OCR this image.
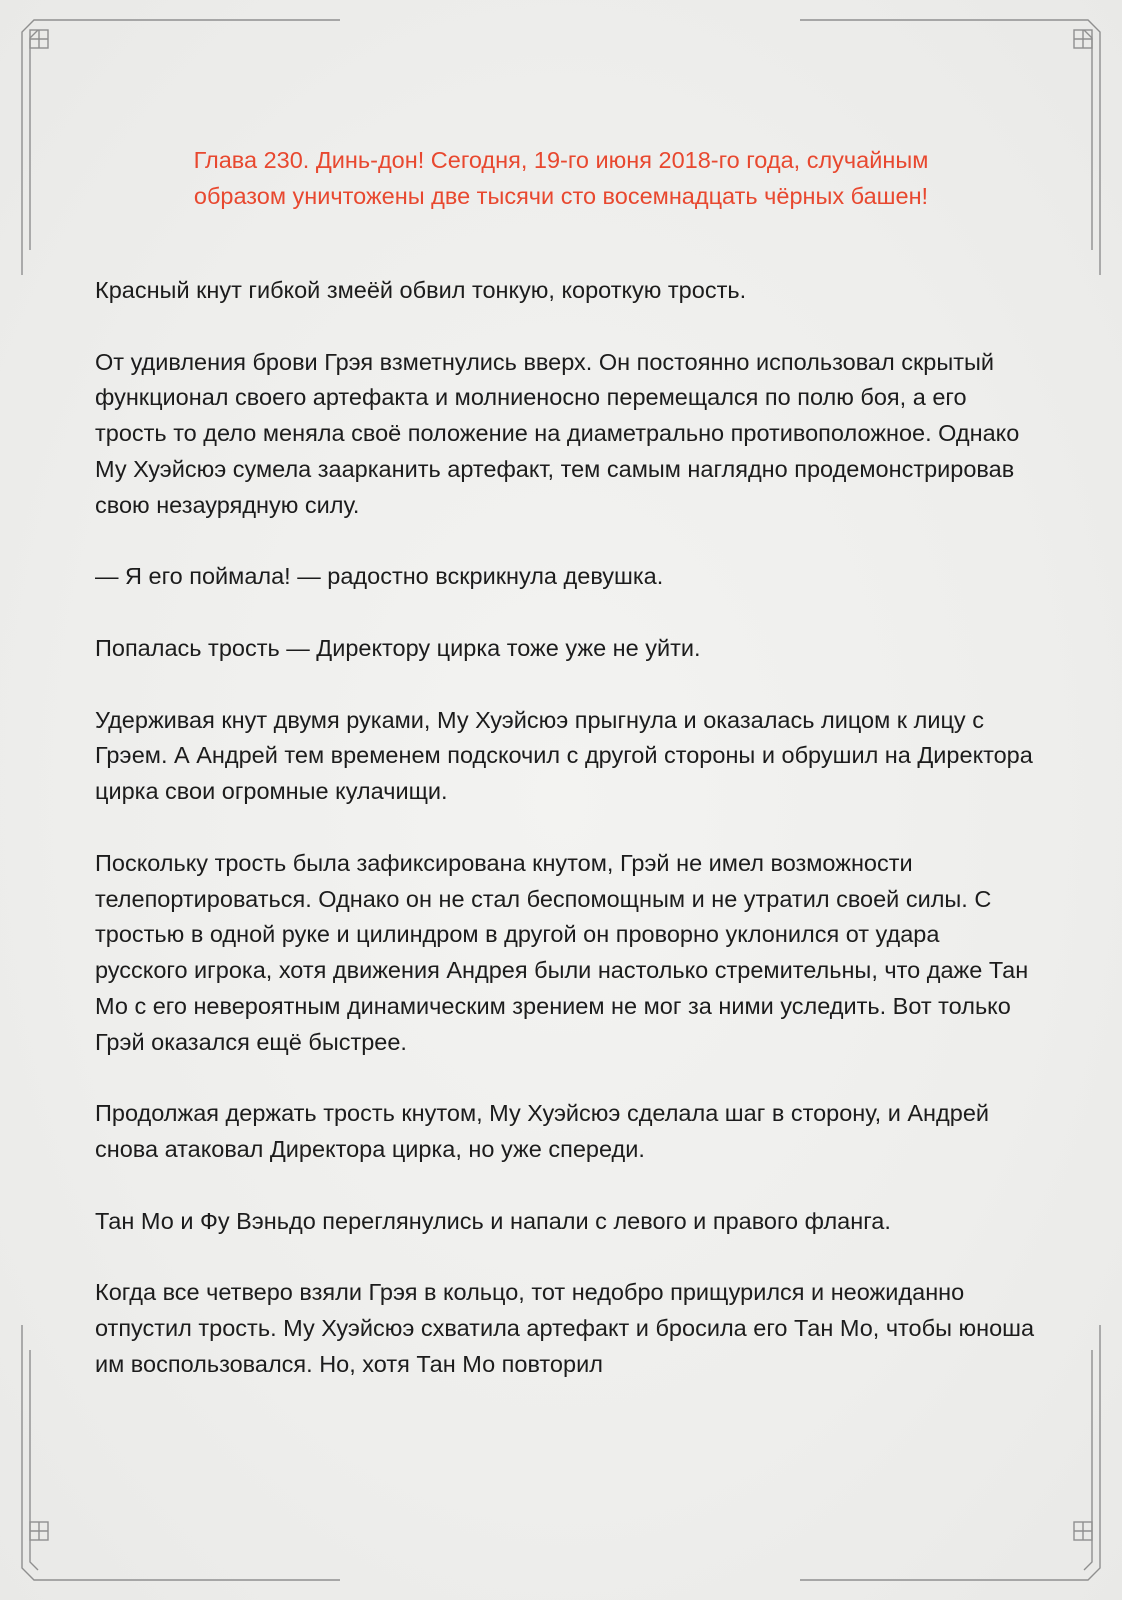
Глава 230. Динь-дон! Сегодня, 19-го июня 2018-го года, случайным
образом уничтожены две тысячи сто восемнадцать чёрных башен!

Красный кнут гибкой змеёй обвил тонкую, короткую трость.

От удивления брови Грэя взметнулись вверх. Он постоянно использовал скрытый функционал своего артефакта и молниеносно перемещался по полю боя, а его трость то дело меняла своё положение на диаметрально противоположное. Однако Му Хуэйсюэ сумела заарканить артефакт, тем самым наглядно продемонстрировав свою незаурядную силу.

— Я его поймала! — радостно вскрикнула девушка.

Попалась трость — Директору цирка тоже уже не уйти.

Удерживая кнут двумя руками, Му Хуэйсюэ прыгнула и оказалась лицом к лицу с Грэем. А Андрей тем временем подскочил с другой стороны и обрушил на Директора цирка свои огромные кулачищи.

Поскольку трость была зафиксирована кнутом, Грэй не имел возможности телепортироваться. Однако он не стал беспомощным и не утратил своей силы. С тростью в одной руке и цилиндром в другой он проворно уклонился от удара русского игрока, хотя движения Андрея были настолько стремительны, что даже Тан Мо с его невероятным динамическим зрением не мог за ними уследить. Вот только Грэй оказался ещё быстрее.

Продолжая держать трость кнутом, Му Хуэйсюэ сделала шаг в сторону, и Андрей снова атаковал Директора цирка, но уже спереди.

Тан Мо и Фу Вэньдо переглянулись и напали с левого и правого фланга.

Когда все четверо взяли Грэя в кольцо, тот недобро прищурился и неожиданно отпустил трость. Му Хуэйсюэ схватила артефакт и бросила его Тан Мо, чтобы юноша им воспользовался. Но, хотя Тан Мо повторил
